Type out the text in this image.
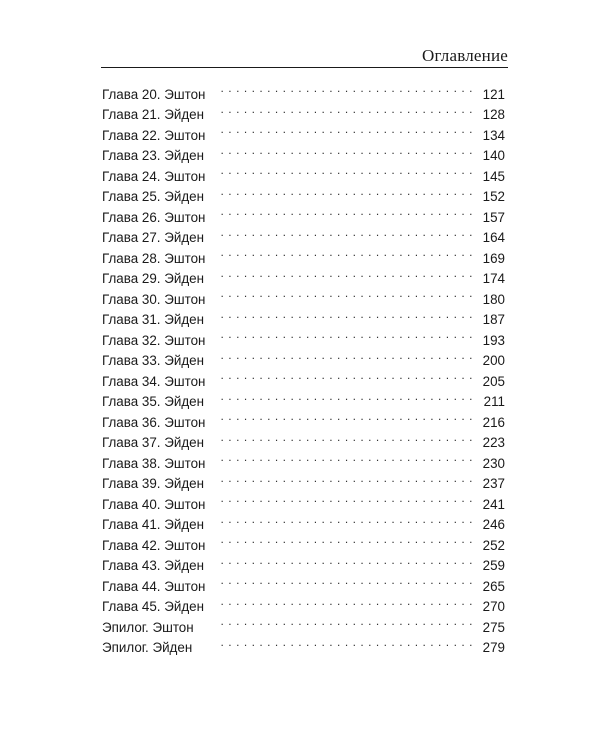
Оглавление
Глава 20. Эштон . . .	121
Глава 21. Эйден . . .	128
Глава 22. Эштон . . .	134
Глава 23. Эйден . . .	140
Глава 24. Эштон . . .	145
Глава 25. Эйден . . .	152
Глава 26. Эштон . . .	157
Глава 27. Эйден . . .	164
Глава 28. Эштон . . .	169
Глава 29. Эйден . . .	174
Глава 30. Эштон . . .	180
Глава 31. Эйден . . .	187
Глава 32. Эштон . . .	193
Глава 33. Эйден . . .	200
Глава 34. Эштон . . .	205
Глава 35. Эйден . . .	211
Глава 36. Эштон . . .	216
Глава 37. Эйден . . .	223
Глава 38. Эштон . . .	230
Глава 39. Эйден . . .	237
Глава 40. Эштон . . .	241
Глава 41. Эйден . . .	246
Глава 42. Эштон . . .	252
Глава 43. Эйден . . .	259
Глава 44. Эштон . . .	265
Глава 45. Эйден . . .	270
Эпилог. Эштон . . .	275
Эпилог. Эйден . . .	279
